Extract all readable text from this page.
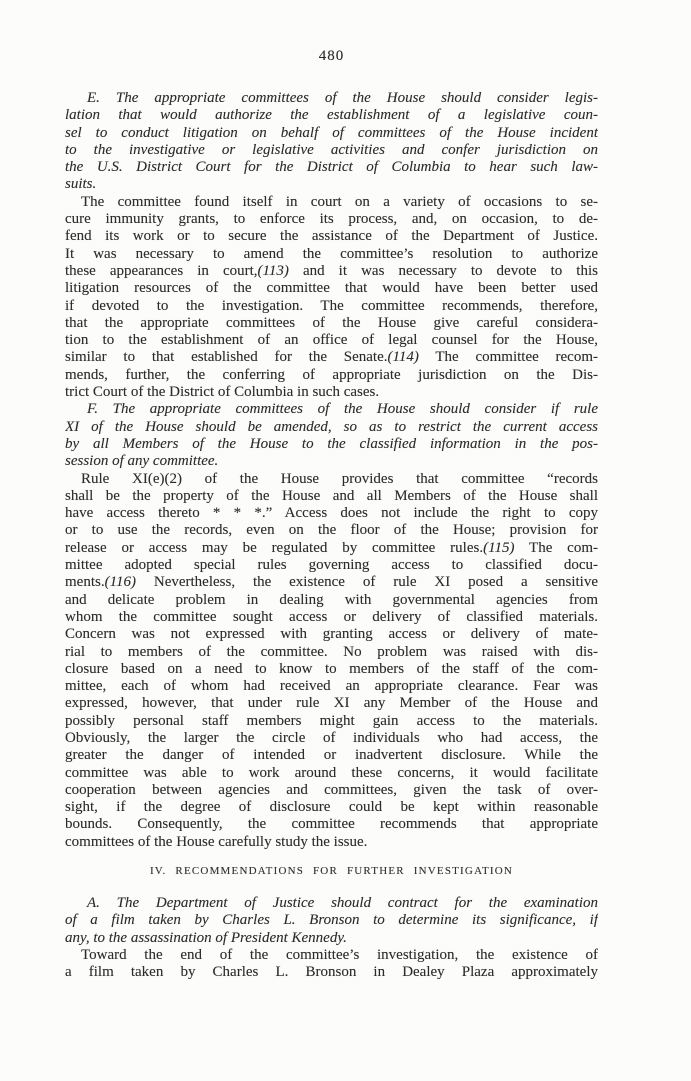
480
E. The appropriate committees of the House should consider legis-
lation that would authorize the establishment of a legislative coun-
sel to conduct litigation on behalf of committees of the House incident
to the investigative or legislative activities and confer jurisdiction on
the U.S. District Court for the District of Columbia to hear such law-
suits.
The committee found itself in court on a variety of occasions to se-
cure immunity grants, to enforce its process, and, on occasion, to de-
fend its work or to secure the assistance of the Department of Justice.
It was necessary to amend the committee’s resolution to authorize
these appearances in court,(113) and it was necessary to devote to this
litigation resources of the committee that would have been better used
if devoted to the investigation. The committee recommends, therefore,
that the appropriate committees of the House give careful considera-
tion to the establishment of an office of legal counsel for the House,
similar to that established for the Senate.(114) The committee recom-
mends, further, the conferring of appropriate jurisdiction on the Dis-
trict Court of the District of Columbia in such cases.
F. The appropriate committees of the House should consider if rule
XI of the House should be amended, so as to restrict the current access
by all Members of the House to the classified information in the pos-
session of any committee.
Rule XI(e)(2) of the House provides that committee “records
shall be the property of the House and all Members of the House shall
have access thereto * * *.” Access does not include the right to copy
or to use the records, even on the floor of the House; provision for
release or access may be regulated by committee rules.(115) The com-
mittee adopted special rules governing access to classified docu-
ments.(116) Nevertheless, the existence of rule XI posed a sensitive
and delicate problem in dealing with governmental agencies from
whom the committee sought access or delivery of classified materials.
Concern was not expressed with granting access or delivery of mate-
rial to members of the committee. No problem was raised with dis-
closure based on a need to know to members of the staff of the com-
mittee, each of whom had received an appropriate clearance. Fear was
expressed, however, that under rule XI any Member of the House and
possibly personal staff members might gain access to the materials.
Obviously, the larger the circle of individuals who had access, the
greater the danger of intended or inadvertent disclosure. While the
committee was able to work around these concerns, it would facilitate
cooperation between agencies and committees, given the task of over-
sight, if the degree of disclosure could be kept within reasonable
bounds. Consequently, the committee recommends that appropriate
committees of the House carefully study the issue.
IV. RECOMMENDATIONS FOR FURTHER INVESTIGATION
A. The Department of Justice should contract for the examination
of a film taken by Charles L. Bronson to determine its significance, if
any, to the assassination of President Kennedy.
Toward the end of the committee’s investigation, the existence of
a film taken by Charles L. Bronson in Dealey Plaza approximately
